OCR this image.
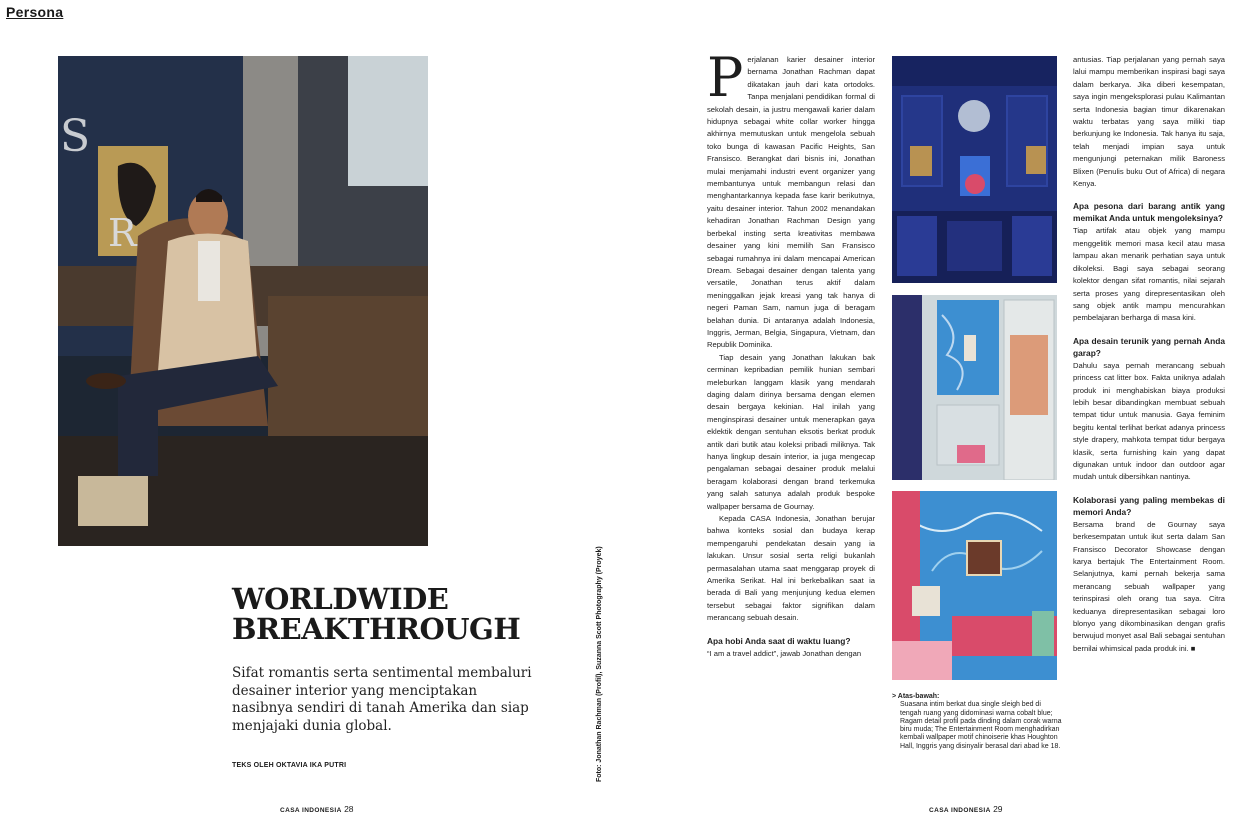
Persona
S
R
Foto: Jonathan Rachman (Profil), Suzanna Scott Photography (Proyek)
WORLDWIDE
BREAKTHROUGH
Sifat romantis serta sentimental membaluri desainer interior yang menciptakan nasibnya sendiri di tanah Amerika dan siap menjajaki dunia global.
TEKS OLEH OKTAVIA IKA PUTRI
CASA INDONESIA 28

Perjalanan karier desainer interior bernama Jonathan Rachman dapat dikatakan jauh dari kata ortodoks. Tanpa menjalani pendidikan formal di sekolah desain, ia justru mengawali karier dalam hidupnya sebagai white collar worker hingga akhirnya memutuskan untuk mengelola sebuah toko bunga di kawasan Pacific Heights, San Fransisco. Berangkat dari bisnis ini, Jonathan mulai menjamahi industri event organizer yang membantunya untuk membangun relasi dan menghantarkannya kepada fase karir berikutnya, yaitu desainer interior. Tahun 2002 menandakan kehadiran Jonathan Rachman Design yang berbekal insting serta kreativitas membawa desainer yang kini memilih San Fransisco sebagai rumahnya ini dalam mencapai American Dream. Sebagai desainer dengan talenta yang versatile, Jonathan terus aktif dalam meninggalkan jejak kreasi yang tak hanya di negeri Paman Sam, namun juga di beragam belahan dunia. Di antaranya adalah Indonesia, Inggris, Jerman, Belgia, Singapura, Vietnam, dan Republik Dominika.

Tiap desain yang Jonathan lakukan bak cerminan kepribadian pemilik hunian sembari meleburkan langgam klasik yang mendarah daging dalam dirinya bersama dengan elemen desain bergaya kekinian. Hal inilah yang menginspirasi desainer untuk menerapkan gaya eklektik dengan sentuhan eksotis berkat produk antik dari butik atau koleksi pribadi miliknya. Tak hanya lingkup desain interior, ia juga mengecap pengalaman sebagai desainer produk melalui beragam kolaborasi dengan brand terkemuka yang salah satunya adalah produk bespoke wallpaper bersama de Gournay.

Kepada CASA Indonesia, Jonathan berujar bahwa konteks sosial dan budaya kerap mempengaruhi pendekatan desain yang ia lakukan. Unsur sosial serta religi bukanlah permasalahan utama saat menggarap proyek di Amerika Serikat. Hal ini berkebalikan saat ia berada di Bali yang menjunjung kedua elemen tersebut sebagai faktor signifikan dalam merancang sebuah desain.

Apa hobi Anda saat di waktu luang?

“I am a travel addict”, jawab Jonathan dengan

> Atas-bawah:
Suasana intim berkat dua single sleigh bed di tengah ruang yang didominasi warna cobalt blue; Ragam detail profil pada dinding dalam corak warna biru muda; The Entertainment Room menghadirkan kembali wallpaper motif chinoiserie khas Houghton Hall, Inggris yang disinyalir berasal dari abad ke 18.

antusias. Tiap perjalanan yang pernah saya lalui mampu memberikan inspirasi bagi saya dalam berkarya. Jika diberi kesempatan, saya ingin mengeksplorasi pulau Kalimantan serta Indonesia bagian timur dikarenakan waktu terbatas yang saya miliki tiap berkunjung ke Indonesia. Tak hanya itu saja, telah menjadi impian saya untuk mengunjungi peternakan milik Baroness Blixen (Penulis buku Out of Africa) di negara Kenya.

Apa pesona dari barang antik yang memikat Anda untuk mengoleksinya?

Tiap artifak atau objek yang mampu menggelitik memori masa kecil atau masa lampau akan menarik perhatian saya untuk dikoleksi. Bagi saya sebagai seorang kolektor dengan sifat romantis, nilai sejarah serta proses yang direpresentasikan oleh sang objek antik mampu mencurahkan pembelajaran berharga di masa kini.

Apa desain terunik yang pernah Anda garap?

Dahulu saya pernah merancang sebuah princess cat litter box. Fakta uniknya adalah produk ini menghabiskan biaya produksi lebih besar dibandingkan membuat sebuah tempat tidur untuk manusia. Gaya feminim begitu kental terlihat berkat adanya princess style drapery, mahkota tempat tidur bergaya klasik, serta furnishing kain yang dapat digunakan untuk indoor dan outdoor agar mudah untuk dibersihkan nantinya.

Kolaborasi yang paling membekas di memori Anda?

Bersama brand de Gournay saya berkesempatan untuk ikut serta dalam San Fransisco Decorator Showcase dengan karya bertajuk The Entertainment Room. Selanjutnya, kami pernah bekerja sama merancang sebuah wallpaper yang terinspirasi oleh orang tua saya. Citra keduanya direpresentasikan sebagai loro blonyo yang dikombinasikan dengan grafis berwujud monyet asal Bali sebagai sentuhan bernilai whimsical pada produk ini. ■

CASA INDONESIA 29
